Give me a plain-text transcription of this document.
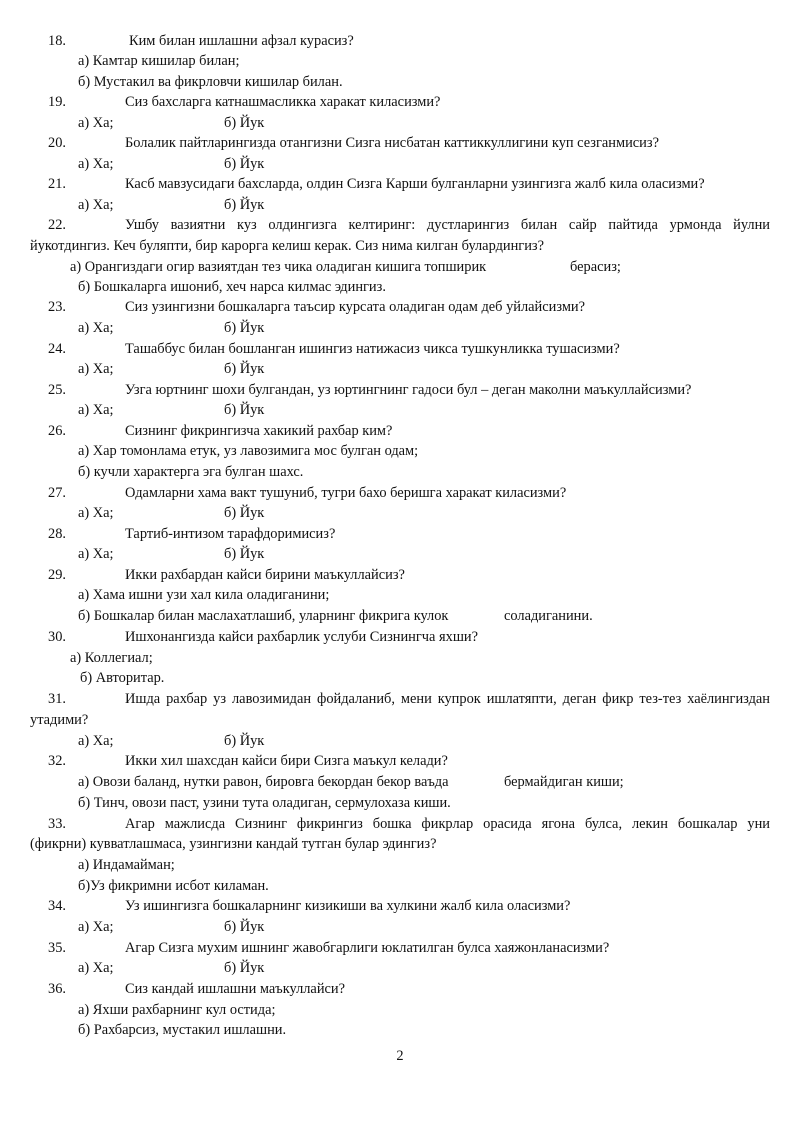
18.	Ким билан ишлашни афзал курасиз?
а) Камтар кишилар билан;
б) Мустакил ва фикрловчи кишилар билан.
19.	Сиз бахсларга катнашмасликка харакат киласизми?
а) Ха;	б) Йук
20.	Болалик пайтларингизда отангизни Сизга нисбатан каттиккуллигини куп сезганмисиз?
а) Ха;	б) Йук
21.	Касб мавзусидаги бахсларда, олдин Сизга Карши булганларни узингизга жалб кила оласизми?
а) Ха;	б) Йук
22.	Ушбу вазиятни куз олдингизга келтиринг: дустларингиз билан сайр пайтида урмонда йулни
йукотдингиз. Кеч буляпти, бир карорга келиш керак. Сиз нима килган булардингиз?
а) Орангиздаги огир вазиятдан тез чика оладиган кишига топширик	берасиз;
б) Бошкаларга ишониб, хеч нарса килмас эдингиз.
23.	Сиз узингизни бошкаларга таъсир курсата оладиган одам деб уйлайсизми?
а) Ха;	б) Йук
24.	Ташаббус билан бошланган ишингиз натижасиз чикса тушкунликка тушасизми?
а) Ха;	б) Йук
25.	Узга юртнинг шохи булгандан, уз юртингнинг гадоси бул – деган маколни маъкуллайсизми?
а) Ха;	б) Йук
26.	Сизнинг фикрингизча хакикий рахбар ким?
а) Хар томонлама етук, уз лавозимига мос булган одам;
б) кучли характерга эга булган шахс.
27.	Одамларни хама вакт тушуниб, тугри бахо беришга харакат киласизми?
а) Ха;	б) Йук
28.	Тартиб-интизом тарафдоримисиз?
а) Ха;	б) Йук
29.	Икки рахбардан кайси бирини маъкуллайсиз?
а) Хама ишни узи хал кила оладиганини;
б) Бошкалар билан маслахатлашиб, уларнинг фикрига кулок	соладиганини.
30.	Ишхонангизда кайси рахбарлик услуби Сизнингча яхши?
а) Коллегиал;
б) Авторитар.
31.	Ишда рахбар уз лавозимидан фойдаланиб, мени купрок ишлатяпти, деган фикр тез-тез хаёлингиздан
утадими?
а) Ха;	б) Йук
32.	Икки хил шахсдан кайси бири Сизга маъкул келади?
а) Овози баланд, нутки равон, бировга бекордан бекор ваъда	бермайдиган киши;
б) Тинч, овози паст, узини тута оладиган, сермулохаза киши.
33.	Агар мажлисда Сизнинг фикрингиз бошка фикрлар орасида ягона булса, лекин бошкалар уни
(фикрни) кувватлашмаса, узингизни кандай тутган булар эдингиз?
а) Индамайман;
б)Уз фикримни исбот киламан.
34.	Уз ишингизга бошкаларнинг кизикиши ва хулкини жалб кила оласизми?
а) Ха;	б) Йук
35.	Агар Сизга мухим ишнинг жавобгарлиги юклатилган булса хаяжонланасизми?
а) Ха;	б) Йук
36.	Сиз кандай ишлашни маъкуллайси?
а) Яхши рахбарнинг кул остида;
б) Рахбарсиз, мустакил ишлашни.
2
